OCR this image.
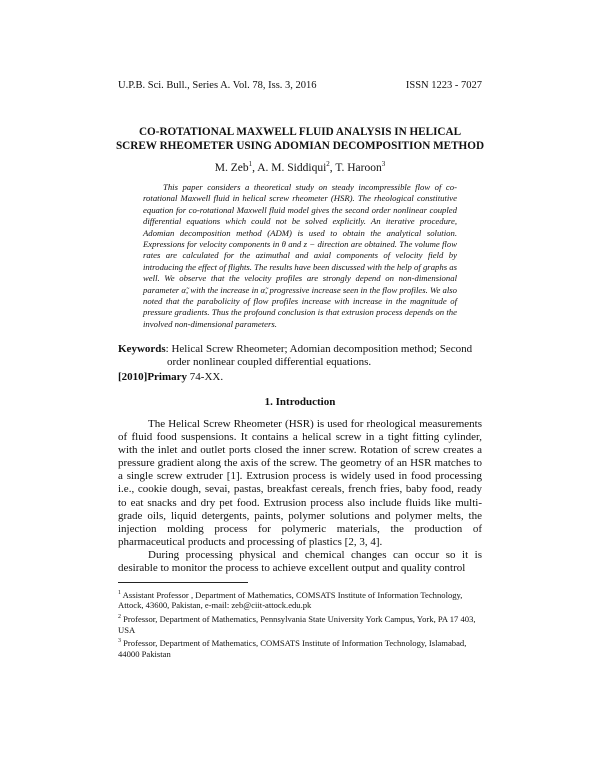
U.P.B. Sci. Bull., Series A. Vol. 78, Iss. 3, 2016	ISSN 1223 - 7027
CO-ROTATIONAL MAXWELL FLUID ANALYSIS IN HELICAL
SCREW RHEOMETER USING ADOMIAN DECOMPOSITION METHOD
M. Zeb$^1$, A. M. Siddiqui$^2$, T. Haroon$^3$
This paper considers a theoretical study on steady incompressible flow of co-rotational Maxwell fluid in helical screw rheometer (HSR). The rheological constitutive equation for co-rotational Maxwell fluid model gives the second order nonlinear coupled differential equations which could not be solved explicitly. An iterative procedure, Adomian decomposition method (ADM) is used to obtain the analytical solution. Expressions for velocity components in θ and z − direction are obtained. The volume flow rates are calculated for the azimuthal and axial components of velocity field by introducing the effect of flights. The results have been discussed with the help of graphs as well. We observe that the velocity profiles are strongly depend on non-dimensional parameter α̃, with the increase in α̃, progressive increase seen in the flow profiles. We also noted that the parabolicity of flow profiles increase with increase in the magnitude of pressure gradients. Thus the profound conclusion is that extrusion process depends on the involved non-dimensional parameters.
Keywords: Helical Screw Rheometer; Adomian decomposition method; Second
order nonlinear coupled differential equations.
[2010]Primary 74-XX.
1. Introduction

The Helical Screw Rheometer (HSR) is used for rheological measurements of fluid food suspensions. It contains a helical screw in a tight fitting cylinder, with the inlet and outlet ports closed the inner screw. Rotation of screw creates a pressure gradient along the axis of the screw. The geometry of an HSR matches to a single screw extruder [1]. Extrusion process is widely used in food processing i.e., cookie dough, sevai, pastas, breakfast cereals, french fries, baby food, ready to eat snacks and dry pet food. Extrusion process also include fluids like multi-grade oils, liquid detergents, paints, polymer solutions and polymer melts, the injection molding process for polymeric materials, the production of pharmaceutical products and processing of plastics [2, 3, 4].

During processing physical and chemical changes can occur so it is desirable to monitor the process to achieve excellent output and quality control

$^1$ Assistant Professor , Department of Mathematics, COMSATS Institute of Information Technology, Attock, 43600, Pakistan, e-mail: zeb@ciit-attock.edu.pk
$^2$ Professor, Department of Mathematics, Pennsylvania State University York Campus, York, PA 17 403, USA
$^3$ Professor, Department of Mathematics, COMSATS Institute of Information Technology, Islamabad, 44000 Pakistan
